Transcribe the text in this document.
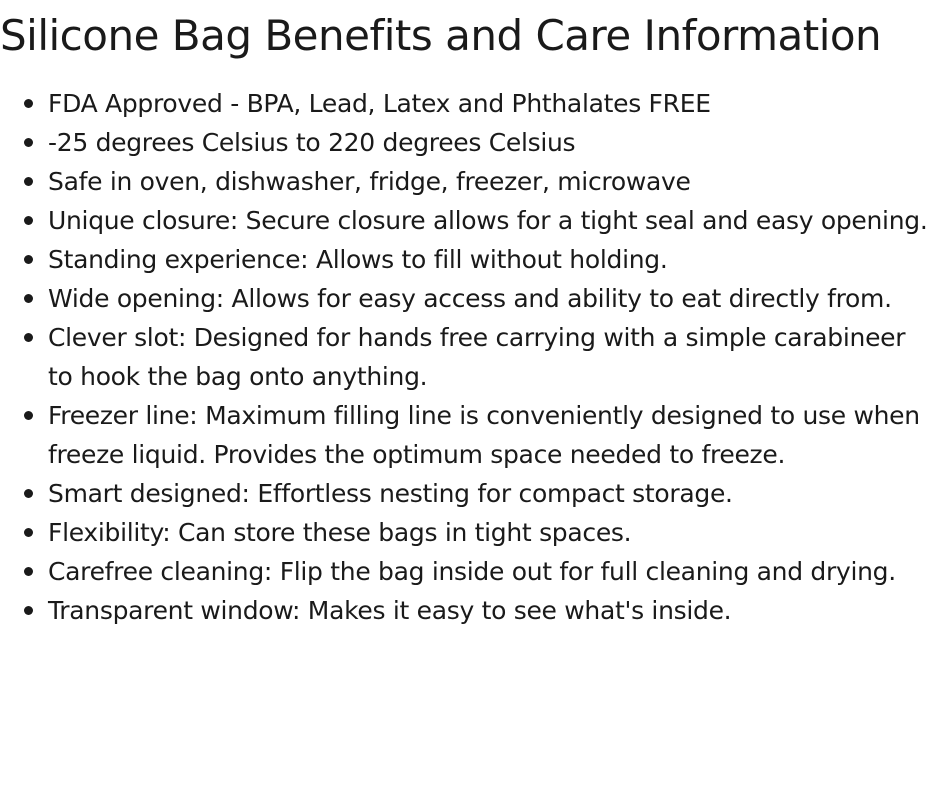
Silicone Bag Benefits and Care Information
FDA Approved - BPA, Lead, Latex and Phthalates FREE
-25 degrees Celsius to 220 degrees Celsius
Safe in oven, dishwasher, fridge, freezer, microwave
Unique closure: Secure closure allows for a tight seal and easy opening.
Standing experience: Allows to fill without holding.
Wide opening: Allows for easy access and ability to eat directly from.
Clever slot: Designed for hands free carrying with a simple carabineer to hook the bag onto anything.
Freezer line: Maximum filling line is conveniently designed to use when freeze liquid. Provides the optimum space needed to freeze.
Smart designed: Effortless nesting for compact storage.
Flexibility: Can store these bags in tight spaces.
Carefree cleaning: Flip the bag inside out for full cleaning and drying.
Transparent window: Makes it easy to see what's inside.
